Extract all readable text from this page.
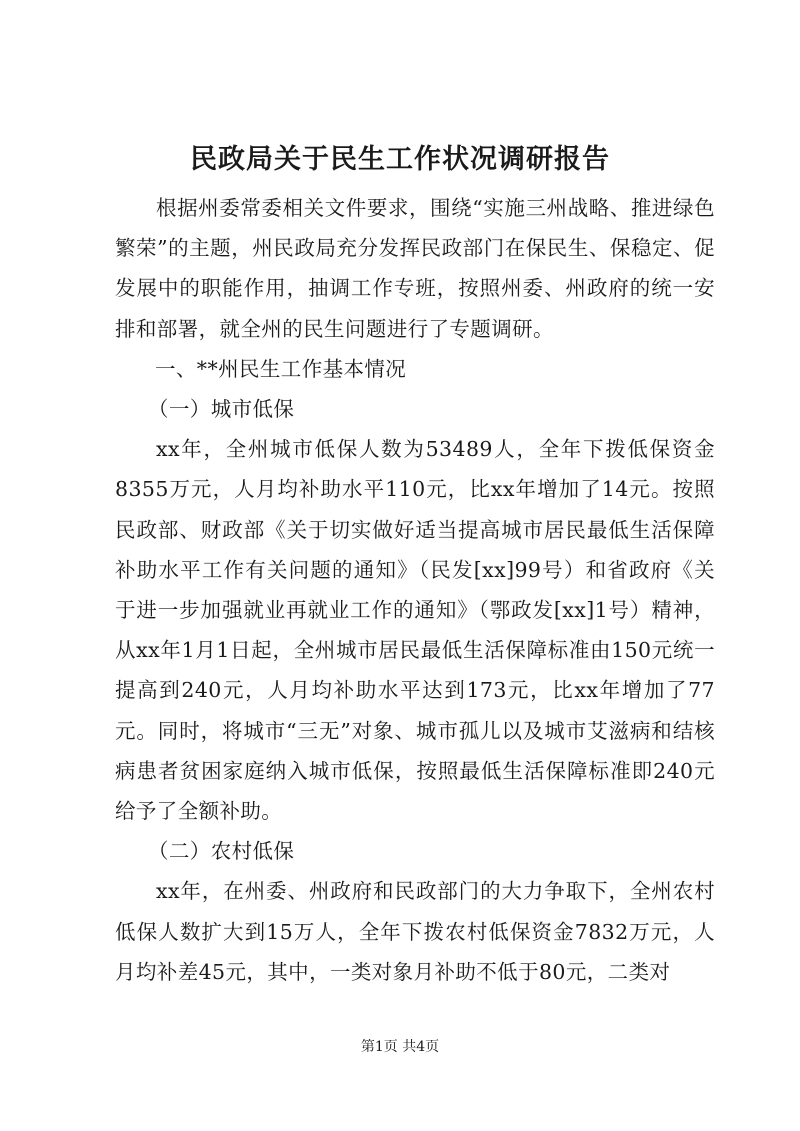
民政局关于民生工作状况调研报告

根据州委常委相关文件要求，围绕“实施三州战略、推进绿色繁荣”的主题，州民政局充分发挥民政部门在保民生、保稳定、促发展中的职能作用，抽调工作专班，按照州委、州政府的统一安排和部署，就全州的民生问题进行了专题调研。

一、**州民生工作基本情况

（一）城市低保

xx年，全州城市低保人数为53489人，全年下拨低保资金8355万元，人月均补助水平110元，比xx年增加了14元。按照民政部、财政部《关于切实做好适当提高城市居民最低生活保障补助水平工作有关问题的通知》（民发[xx]99号）和省政府《关于进一步加强就业再就业工作的通知》（鄂政发[xx]1号）精神，从xx年1月1日起，全州城市居民最低生活保障标准由150元统一提高到240元，人月均补助水平达到173元，比xx年增加了77元。同时，将城市“三无”对象、城市孤儿以及城市艾滋病和结核病患者贫困家庭纳入城市低保，按照最低生活保障标准即240元给予了全额补助。

（二）农村低保

xx年，在州委、州政府和民政部门的大力争取下，全州农村低保人数扩大到15万人，全年下拨农村低保资金7832万元，人月均补差45元，其中，一类对象月补助不低于80元，二类对

第1页 共4页
